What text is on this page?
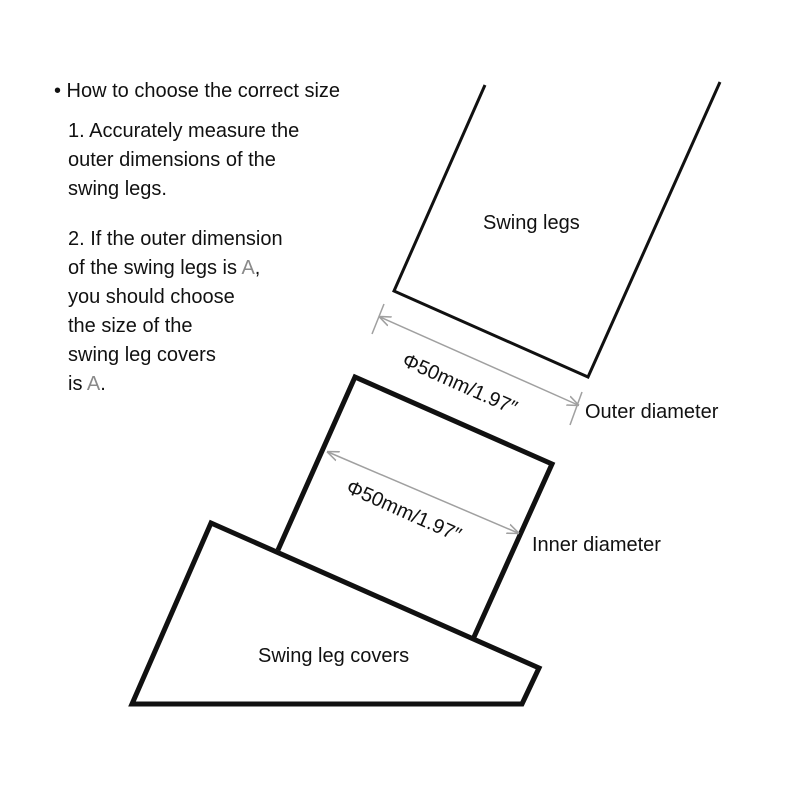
• How to choose the correct size
1. Accurately measure the
outer dimensions of the
swing legs.
2. If the outer dimension
of the swing legs is A,
you should choose
the size of the
swing leg covers
is A.	Φ50mm/1.97″	Outer diameter
Φ50mm/1.97″	Inner diameter
Swing legs
Swing leg covers
